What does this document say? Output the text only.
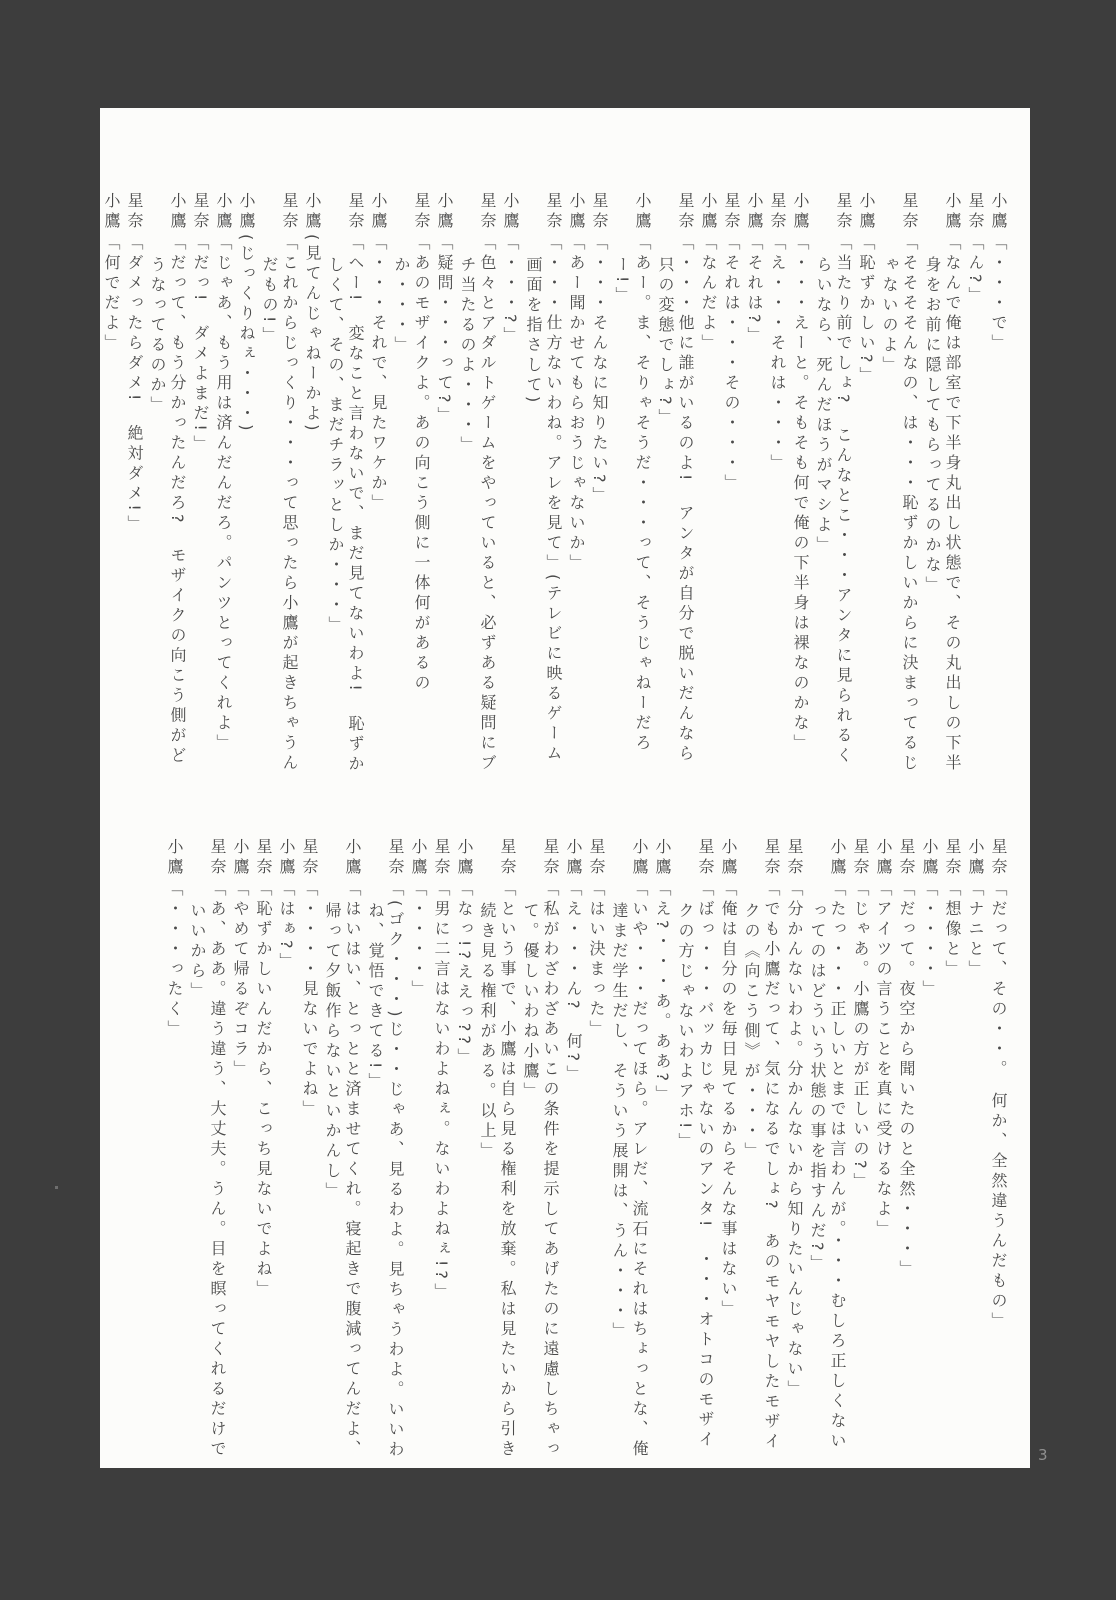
小鷹「・・・で」

星奈「ん?」

小鷹「なんで俺は部室で下半身丸出し状態で、その丸出しの下半身をお前に隠してもらってるのかな」

星奈「そそそそんなの、は・・・恥ずかしいからに決まってるじゃないのよ」

小鷹「恥ずかしい?」

星奈「当たり前でしょ?　こんなとこ・・・アンタに見られるくらいなら、死んだほうがマシよ」

小鷹「・・・えーと。そもそも何で俺の下半身は裸なのかな」

星奈「え・・・それは・・・」

小鷹「それは?」

星奈「それは・・・その・・・」

小鷹「なんだよ」

星奈「・・・他に誰がいるのよ!　アンタが自分で脱いだんなら只の変態でしょ?」

小鷹「あー。ま、そりゃそうだ・・・って、そうじゃねーだろー!」

星奈「・・・そんなに知りたい?」

小鷹「あー聞かせてもらおうじゃないか」

星奈「・・・仕方ないわね。アレを見て」(テレビに映るゲーム画面を指さして)

小鷹「・・・?」

星奈「色々とアダルトゲームをやっていると、必ずある疑問にブチ当たるのよ・・・」

小鷹「疑問・・・って?」

星奈「あのモザイクよ。あの向こう側に一体何があるのか・・・」

小鷹「・・・それで、見たワケか」

星奈「ヘー!　変なこと言わないで、まだ見てないわよ!　恥ずかしくて、その、まだチラッとしか・・・」

小鷹(見てんじゃねーかよ)

星奈「これからじっくり・・・って思ったら小鷹が起きちゃうんだもの!」

小鷹(じっくりねぇ・・・)

小鷹「じゃあ、もう用は済んだんだろ。パンツとってくれよ」

星奈「だっ!　ダメよまだ!」

小鷹「だって、もう分かったんだろ?　モザイクの向こう側がどうなってるのか」

星奈「ダメったらダメ!　絶対ダメ!」

小鷹「何でだよ」

星奈「だって、その・・。　何か、全然違うんだもの」

小鷹「ナニと」

星奈「想像と」

小鷹「・・・・」

星奈「だって。夜空から聞いたのと全然・・・」

小鷹「アイツの言うことを真に受けるなよ」

星奈「じゃあ。小鷹の方が正しいの?」

小鷹「たっ・・・正しいとまでは言わんが。・・・むしろ正しくないってのはどういう状態の事を指すんだ?」

星奈「分かんないわよ。分かんないから知りたいんじゃない」

星奈「でも小鷹だって、気になるでしょ?　あのモヤモヤしたモザイクの《向こう側》が・・・」

小鷹「俺は自分のを毎日見てるからそんな事はない」

星奈「ばっ・・・バッカじゃないのアンタ!　・・・オトコのモザイクの方じゃないわよアホ!」

小鷹「え?・・・あ。ああ?」

小鷹「いや・・・だってほら。アレだ、流石にそれはちょっとな、俺達まだ学生だし、そういう展開は、うん・・・」

星奈「はい決まった」

小鷹「え・・・ん?　何?」

星奈「私がわざわざあいこの条件を提示してあげたのに遠慮しちゃって。優しいわね小鷹」

星奈「という事で、小鷹は自ら見る権利を放棄。私は見たいから引き続き見る権利がある。以上」

小鷹「なっ!?ええっ??」

星奈「男に二言はないわよねぇ。ないわよねぇ!?」

小鷹「・・・・」

星奈「(ゴク・・・)じ・・じゃあ、見るわよ。見ちゃうわよ。いいわね、覚悟できてる!」

小鷹「はいはい、とっとと済ませてくれ。寝起きで腹減ってんだよ、帰って夕飯作らないといかんし」

星奈「・・・・見ないでよね」

小鷹「はぁ?」

星奈「恥ずかしいんだから、こっち見ないでよね」

小鷹「やめて帰るぞコラ」

星奈「あ、ああ。違う違う、大丈夫。うん。目を瞑ってくれるだけでいいから」

小鷹「・・・ったく」

3
